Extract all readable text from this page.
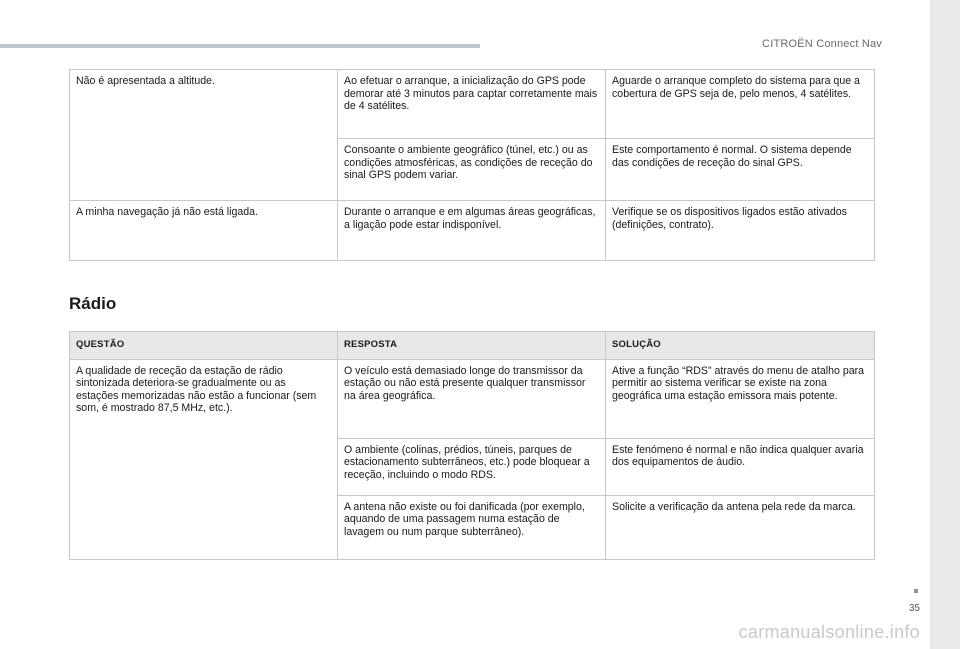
CITROËN Connect Nav
Não é apresentada a altitude.	Ao efetuar o arranque, a inicialização do GPS pode demorar até 3 minutos para captar corretamente mais de 4 satélites.	Aguarde o arranque completo do sistema para que a cobertura de GPS seja de, pelo menos, 4 satélites.
	Consoante o ambiente geográfico (túnel, etc.) ou as condições atmosféricas, as condições de receção do sinal GPS podem variar.	Este comportamento é normal. O sistema depende das condições de receção do sinal GPS.
A minha navegação já não está ligada.	Durante o arranque e em algumas áreas geográficas, a ligação pode estar indisponível.	Verifique se os dispositivos ligados estão ativados (definições, contrato).
Rádio
QUESTÃO	RESPOSTA	SOLUÇÃO
A qualidade de receção da estação de rádio sintonizada deteriora-se gradualmente ou as estações memorizadas não estão a funcionar (sem som, é mostrado 87,5 MHz, etc.).	O veículo está demasiado longe do transmissor da estação ou não está presente qualquer transmissor na área geográfica.	Ative a função “RDS” através do menu de atalho para permitir ao sistema verificar se existe na zona geográfica uma estação emissora mais potente.
	O ambiente (colinas, prédios, túneis, parques de estacionamento subterrâneos, etc.) pode bloquear a receção, incluindo o modo RDS.	Este fenómeno é normal e não indica qualquer avaria dos equipamentos de áudio.
	A antena não existe ou foi danificada (por exemplo, aquando de uma passagem numa estação de lavagem ou num parque subterrâneo).	Solicite a verificação da antena pela rede da marca.
35
carmanualsonline.info
